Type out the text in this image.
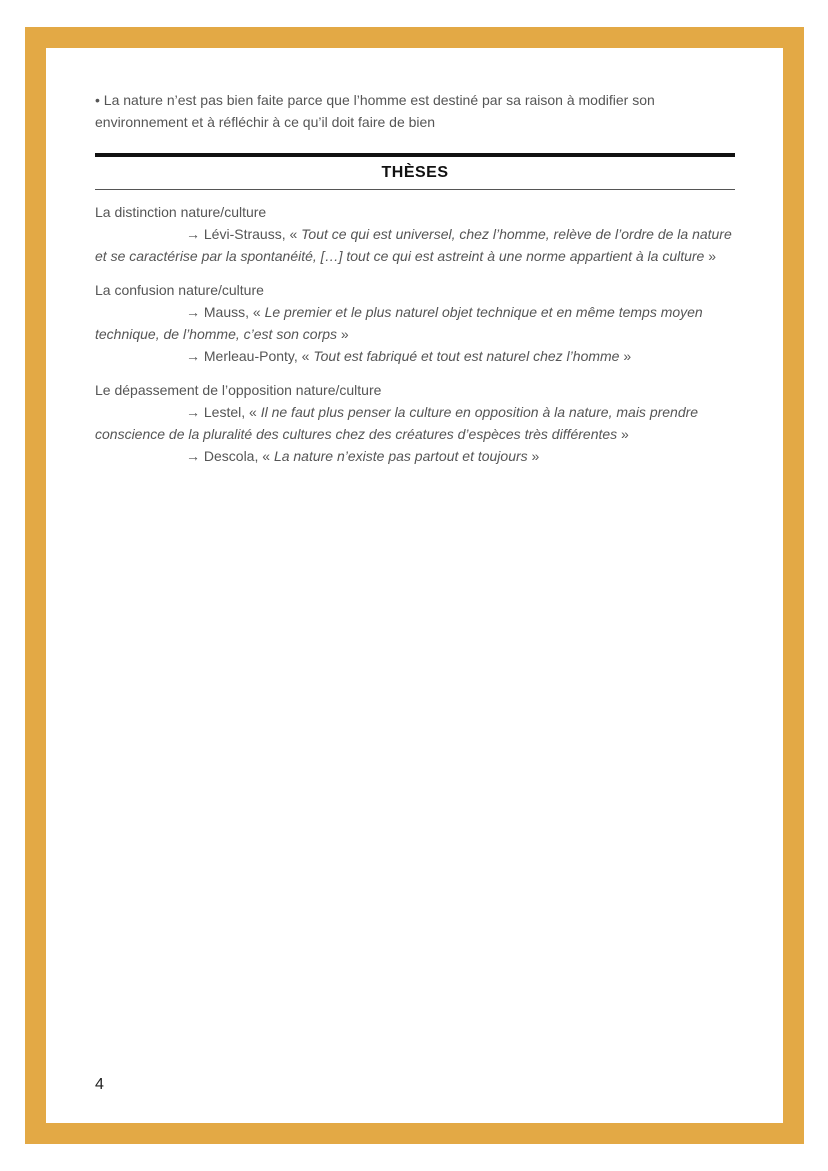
• La nature n’est pas bien faite parce que l’homme est destiné par sa raison à modifier son environnement et à réfléchir à ce qu’il doit faire de bien

THÈSES
La distinction nature/culture
→ Lévi-Strauss, « Tout ce qui est universel, chez l’homme, relève de l’ordre de la nature et se caractérise par la spontanéité, […] tout ce qui est astreint à une norme appartient à la culture »
La confusion nature/culture
→ Mauss, « Le premier et le plus naturel objet technique et en même temps moyen technique, de l’homme, c’est son corps »
→ Merleau-Ponty, « Tout est fabriqué et tout est naturel chez l’homme »
Le dépassement de l’opposition nature/culture
→ Lestel, « Il ne faut plus penser la culture en opposition à la nature, mais prendre conscience de la pluralité des cultures chez des créatures d’espèces très différentes »
→ Descola, « La nature n’existe pas partout et toujours »
4
